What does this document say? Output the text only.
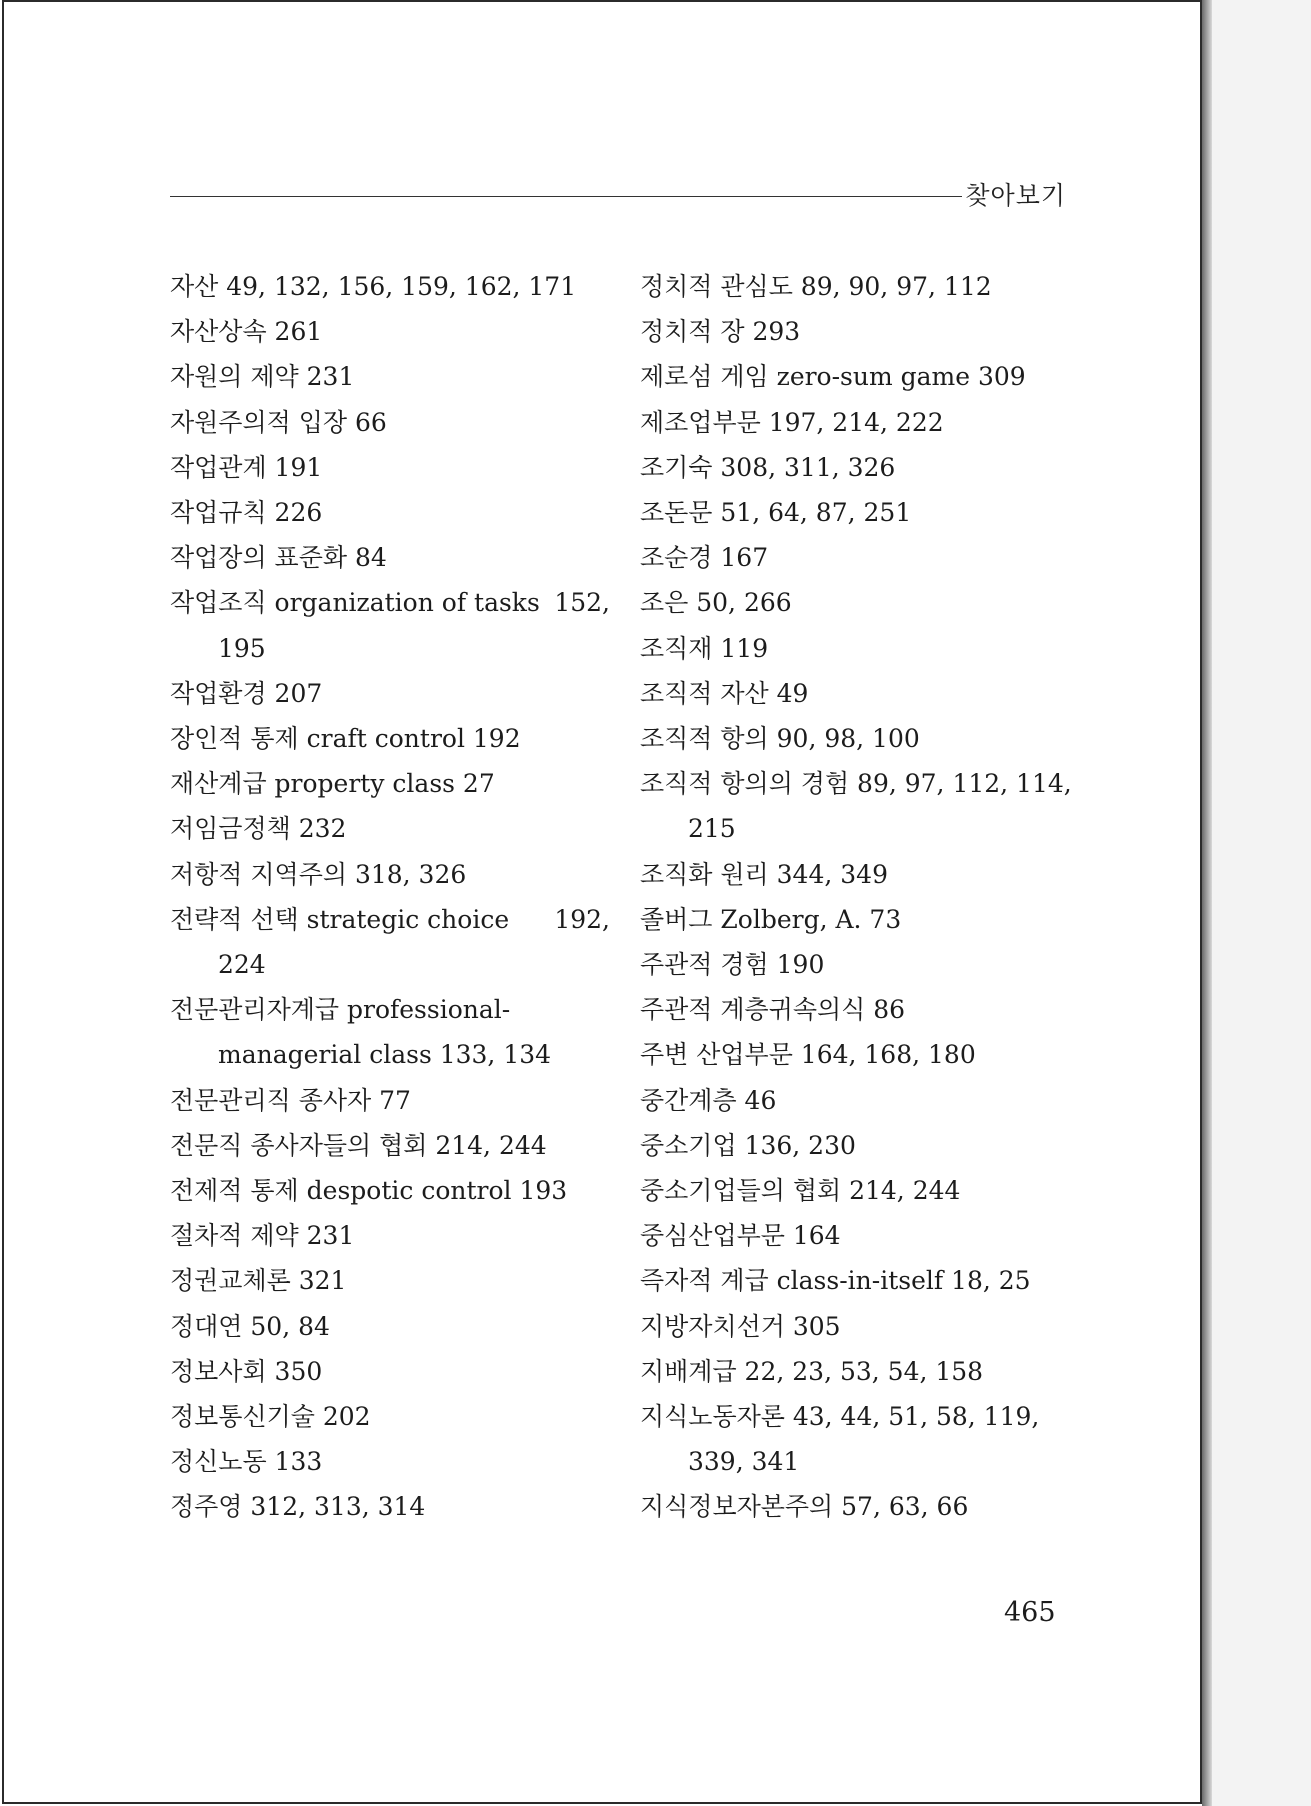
찾아보기
자산 49, 132, 156, 159, 162, 171
자산상속 261
자원의 제약 231
자원주의적 입장 66
작업관계 191
작업규칙 226
작업장의 표준화 84
작업조직 organization of tasks 152,
195
작업환경 207
장인적 통제 craft control 192
재산계급 property class 27
저임금정책 232
저항적 지역주의 318, 326
전략적 선택 strategic choice 192,
224
전문관리자계급 professional-
managerial class 133, 134
전문관리직 종사자 77
전문직 종사자들의 협회 214, 244
전제적 통제 despotic control 193
절차적 제약 231
정권교체론 321
정대연 50, 84
정보사회 350
정보통신기술 202
정신노동 133
정주영 312, 313, 314
정치적 관심도 89, 90, 97, 112
정치적 장 293
제로섬 게임 zero-sum game 309
제조업부문 197, 214, 222
조기숙 308, 311, 326
조돈문 51, 64, 87, 251
조순경 167
조은 50, 266
조직재 119
조직적 자산 49
조직적 항의 90, 98, 100
조직적 항의의 경험 89, 97, 112, 114,
215
조직화 원리 344, 349
졸버그 Zolberg, A. 73
주관적 경험 190
주관적 계층귀속의식 86
주변 산업부문 164, 168, 180
중간계층 46
중소기업 136, 230
중소기업들의 협회 214, 244
중심산업부문 164
즉자적 계급 class-in-itself 18, 25
지방자치선거 305
지배계급 22, 23, 53, 54, 158
지식노동자론 43, 44, 51, 58, 119,
339, 341
지식정보자본주의 57, 63, 66
465
